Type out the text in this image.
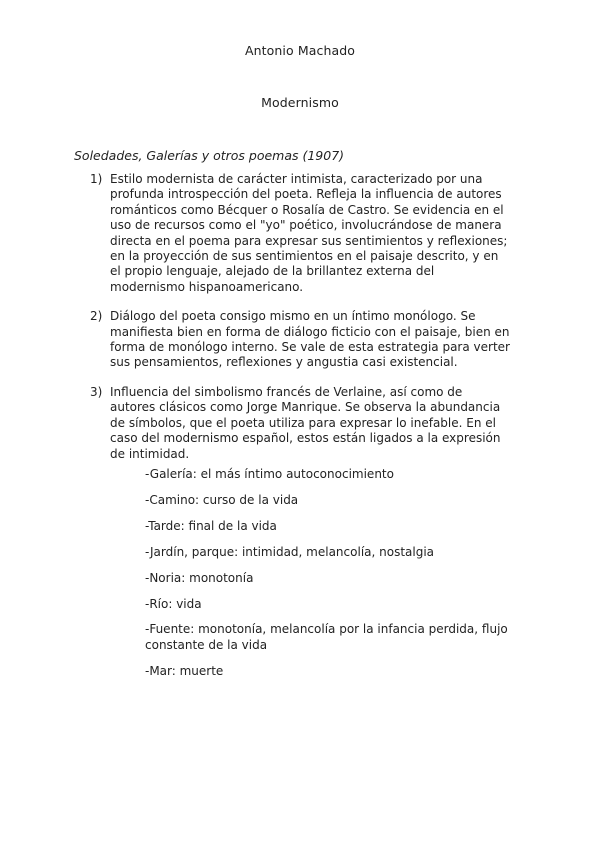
Antonio Machado
Modernismo
Soledades, Galerías y otros poemas (1907)
1) Estilo modernista de carácter intimista, caracterizado por una profunda introspección del poeta. Refleja la influencia de autores románticos como Bécquer o Rosalía de Castro. Se evidencia en el uso de recursos como el "yo" poético, involucrándose de manera directa en el poema para expresar sus sentimientos y reflexiones; en la proyección de sus sentimientos en el paisaje descrito, y en el propio lenguaje, alejado de la brillantez externa del modernismo hispanoamericano.
2) Diálogo del poeta consigo mismo en un íntimo monólogo. Se manifiesta bien en forma de diálogo ficticio con el paisaje, bien en forma de monólogo interno. Se vale de esta estrategia para verter sus pensamientos, reflexiones y angustia casi existencial.
3) Influencia del simbolismo francés de Verlaine, así como de autores clásicos como Jorge Manrique. Se observa la abundancia de símbolos, que el poeta utiliza para expresar lo inefable. En el caso del modernismo español, estos están ligados a la expresión de intimidad.
-Galería: el más íntimo autoconocimiento
-Camino: curso de la vida
-Tarde: final de la vida
-Jardín, parque: intimidad, melancolía, nostalgia
-Noria: monotonía
-Río: vida
-Fuente: monotonía, melancolía por la infancia perdida, flujo constante de la vida
-Mar: muerte
